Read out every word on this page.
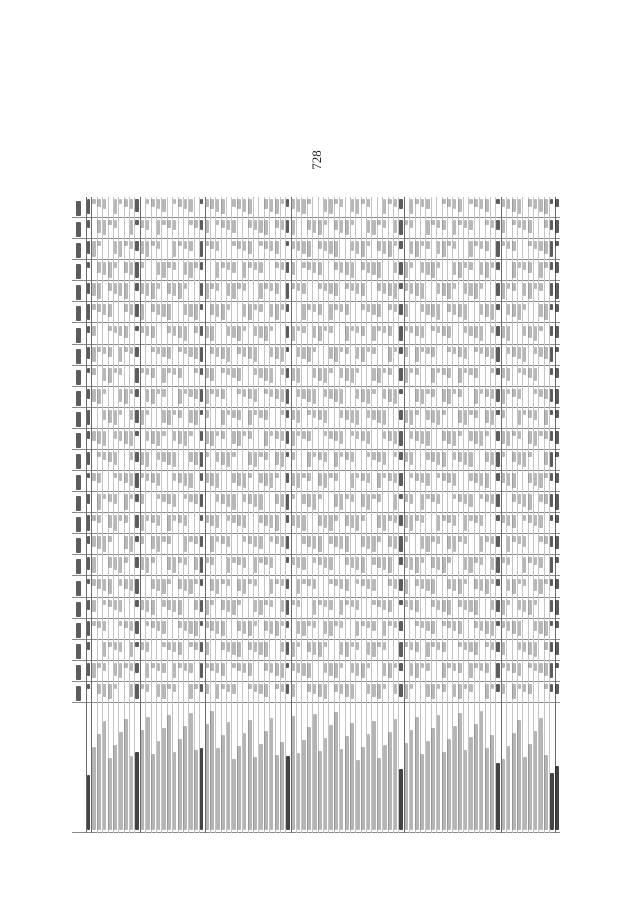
728
